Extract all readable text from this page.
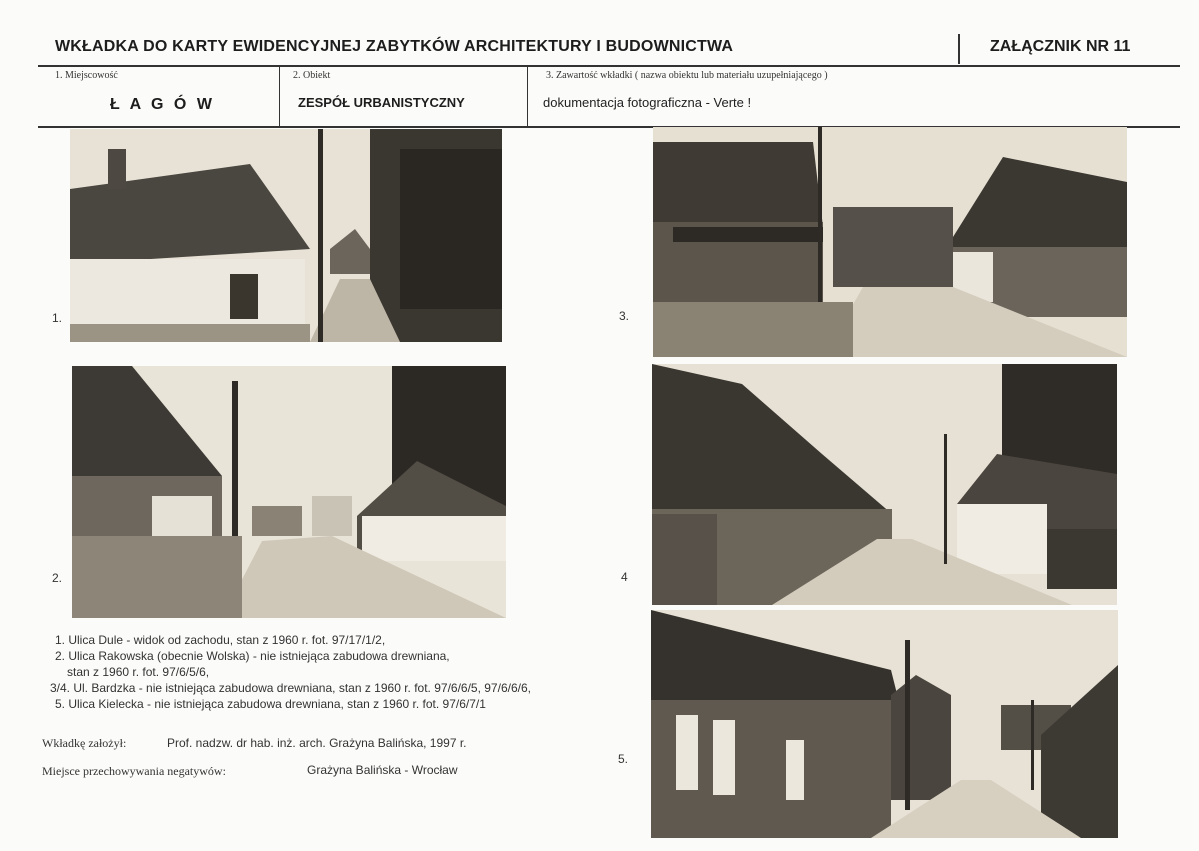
WKŁADKA DO KARTY EWIDENCYJNEJ ZABYTKÓW ARCHITEKTURY I BUDOWNICTWA	ZAŁĄCZNIK NR 11
1. Miejscowość
Ł A G Ó W
2. Obiekt
ZESPÓŁ URBANISTYCZNY
3. Zawartość wkładki ( nazwa obiektu lub materiału uzupełniającego )
dokumentacja fotograficzna - Verte !
1.
2.
3.
4
5.
1. Ulica Dule - widok od zachodu, stan z 1960 r. fot. 97/17/1/2,
2. Ulica Rakowska (obecnie Wolska) - nie istniejąca zabudowa drewniana,
stan z 1960 r. fot. 97/6/5/6,
3/4. Ul. Bardzka - nie istniejąca zabudowa drewniana, stan z 1960 r. fot. 97/6/6/5, 97/6/6/6,
5. Ulica Kielecka - nie istniejąca zabudowa drewniana, stan z 1960 r. fot. 97/6/7/1
Wkładkę założył:	Prof. nadzw. dr hab. inż. arch. Grażyna Balińska, 1997 r.
Miejsce przechowywania negatywów:	Grażyna Balińska - Wrocław
